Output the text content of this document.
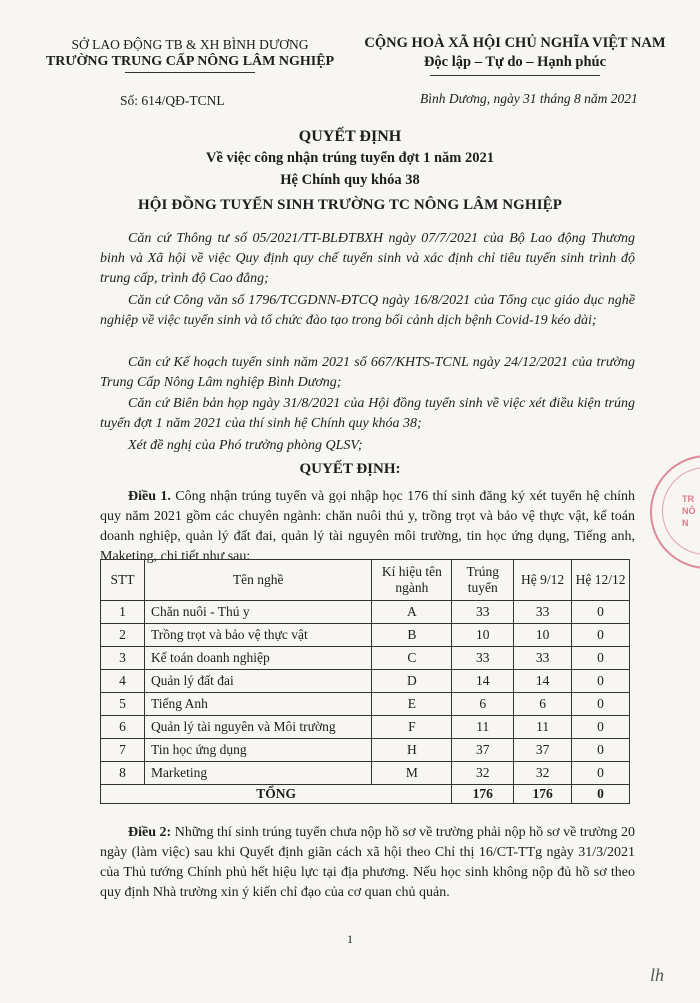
SỞ LAO ĐỘNG TB & XH BÌNH DƯƠNG
TRƯỜNG TRUNG CẤP NÔNG LÂM NGHIỆP
CỘNG HOÀ XÃ HỘI CHỦ NGHĨA VIỆT NAM
Độc lập – Tự do – Hạnh phúc
Số: 614/QĐ-TCNL	Bình Dương, ngày 31 tháng 8 năm 2021
QUYẾT ĐỊNH
Về việc công nhận trúng tuyển đợt 1 năm 2021
Hệ Chính quy khóa 38
HỘI ĐỒNG TUYỂN SINH TRƯỜNG TC NÔNG LÂM NGHIỆP
Căn cứ Thông tư số 05/2021/TT-BLĐTBXH ngày 07/7/2021 của Bộ Lao động Thương binh và Xã hội về việc Quy định quy chế tuyển sinh và xác định chỉ tiêu tuyển sinh trình độ trung cấp, trình độ Cao đẳng;
Căn cứ Công văn số 1796/TCGDNN-ĐTCQ ngày 16/8/2021 của Tổng cục giáo dục nghề nghiệp về việc tuyển sinh và tổ chức đào tạo trong bối cảnh dịch bệnh Covid-19 kéo dài;
Căn cứ Kế hoạch tuyển sinh năm 2021 số 667/KHTS-TCNL ngày 24/12/2021 của trường Trung Cấp Nông Lâm nghiệp Bình Dương;
Căn cứ Biên bản họp ngày 31/8/2021 của Hội đồng tuyển sinh về việc xét điều kiện trúng tuyển đợt 1 năm 2021 của thí sinh hệ Chính quy khóa 38;
Xét đề nghị của Phó trưởng phòng QLSV;
QUYẾT ĐỊNH:
Điều 1. Công nhận trúng tuyển và gọi nhập học 176 thí sinh đăng ký xét tuyển hệ chính quy năm 2021 gồm các chuyên ngành: chăn nuôi thú y, trồng trọt và bảo vệ thực vật, kế toán doanh nghiệp, quản lý đất đai, quản lý tài nguyên môi trường, tin học ứng dụng, Tiếng anh, Maketing, chi tiết như sau:
STT	Tên nghề	Kí hiệu tên ngành	Trúng tuyển	Hệ 9/12	Hệ 12/12
1	Chăn nuôi - Thú y	A	33	33	0
2	Trồng trọt và bảo vệ thực vật	B	10	10	0
3	Kế toán doanh nghiệp	C	33	33	0
4	Quản lý đất đai	D	14	14	0
5	Tiếng Anh	E	6	6	0
6	Quản lý tài nguyên và Môi trường	F	11	11	0
7	Tin học ứng dụng	H	37	37	0
8	Marketing	M	32	32	0
TỔNG			176	176	0
Điều 2: Những thí sinh trúng tuyển chưa nộp hồ sơ về trường phải nộp hồ sơ về trường 20 ngày (làm việc) sau khi Quyết định giãn cách xã hội theo Chỉ thị 16/CT-TTg ngày 31/3/2021 của Thủ tướng Chính phủ hết hiệu lực tại địa phương. Nếu học sinh không nộp đủ hồ sơ theo quy định Nhà trường xin ý kiến chỉ đạo của cơ quan chủ quản.
1
TR
NÔ
N
lh
